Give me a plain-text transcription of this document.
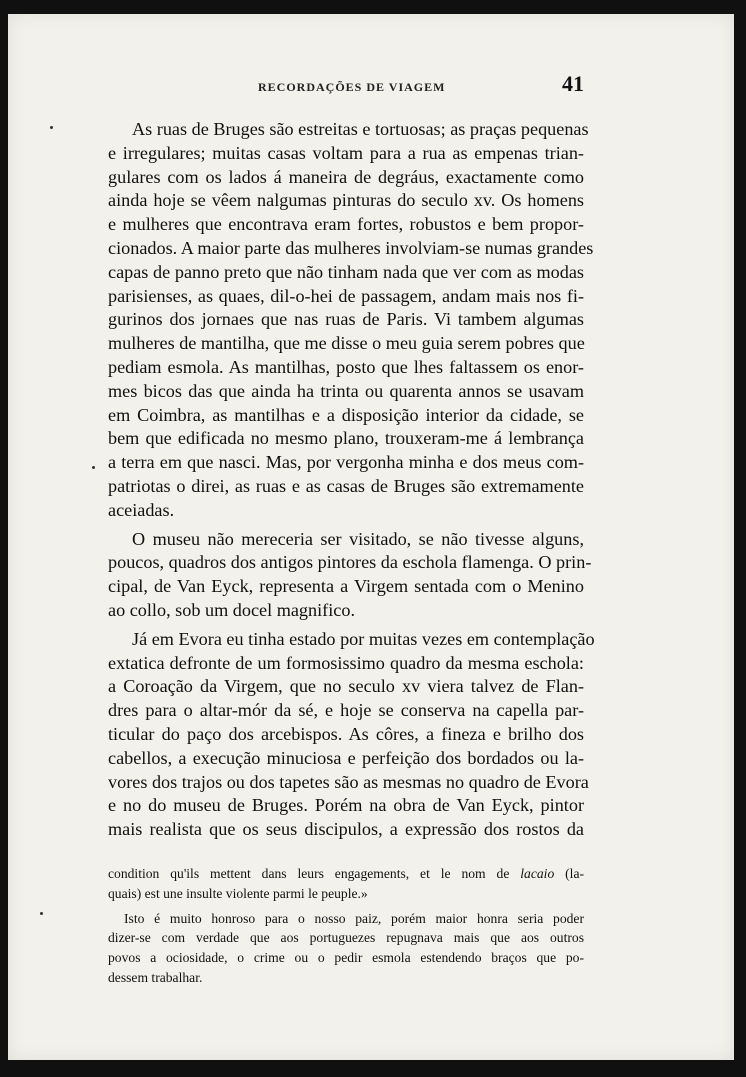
RECORDAÇÕES DE VIAGEM	41
As ruas de Bruges são estreitas e tortuosas; as praças pequenas
e irregulares; muitas casas voltam para a rua as empenas trian-
gulares com os lados á maneira de degráus, exactamente como
ainda hoje se vêem nalgumas pinturas do seculo xv. Os homens
e mulheres que encontrava eram fortes, robustos e bem propor-
cionados. A maior parte das mulheres involviam-se numas grandes
capas de panno preto que não tinham nada que ver com as modas
parisienses, as quaes, dil-o-hei de passagem, andam mais nos fi-
gurinos dos jornaes que nas ruas de Paris. Vi tambem algumas
mulheres de mantilha, que me disse o meu guia serem pobres que
pediam esmola. As mantilhas, posto que lhes faltassem os enor-
mes bicos das que ainda ha trinta ou quarenta annos se usavam
em Coimbra, as mantilhas e a disposição interior da cidade, se
bem que edificada no mesmo plano, trouxeram-me á lembrança
a terra em que nasci. Mas, por vergonha minha e dos meus com-
patriotas o direi, as ruas e as casas de Bruges são extremamente
aceiadas.
O museu não mereceria ser visitado, se não tivesse alguns,
poucos, quadros dos antigos pintores da eschola flamenga. O prin-
cipal, de Van Eyck, representa a Virgem sentada com o Menino
ao collo, sob um docel magnifico.
Já em Evora eu tinha estado por muitas vezes em contemplação
extatica defronte de um formosissimo quadro da mesma eschola:
a Coroação da Virgem, que no seculo xv viera talvez de Flan-
dres para o altar-mór da sé, e hoje se conserva na capella par-
ticular do paço dos arcebispos. As côres, a fineza e brilho dos
cabellos, a execução minuciosa e perfeição dos bordados ou la-
vores dos trajos ou dos tapetes são as mesmas no quadro de Evora
e no do museu de Bruges. Porém na obra de Van Eyck, pintor
mais realista que os seus discipulos, a expressão dos rostos da
condition qu'ils mettent dans leurs engagements, et le nom de lacaio (la-
quais) est une insulte violente parmi le peuple.»
Isto é muito honroso para o nosso paiz, porém maior honra seria poder
dizer-se com verdade que aos portuguezes repugnava mais que aos outros
povos a ociosidade, o crime ou o pedir esmola estendendo braços que po-
dessem trabalhar.
